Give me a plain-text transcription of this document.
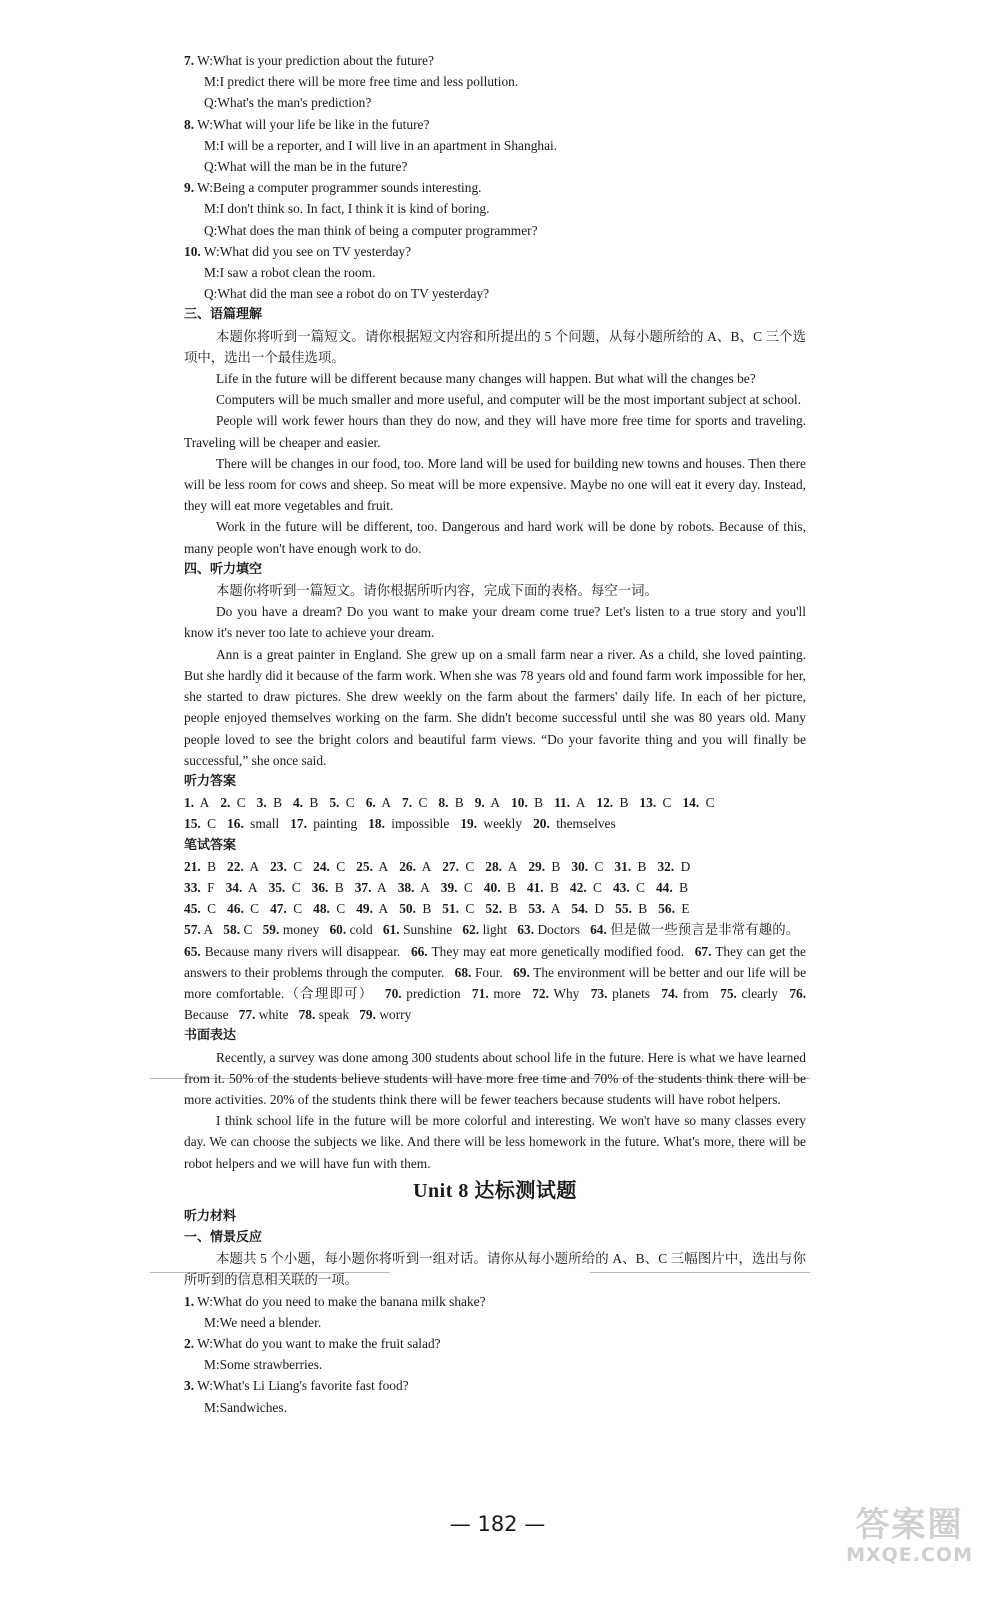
7. W:What is your prediction about the future?
M:I predict there will be more free time and less pollution.
Q:What's the man's prediction?
8. W:What will your life be like in the future?
M:I will be a reporter, and I will live in an apartment in Shanghai.
Q:What will the man be in the future?
9. W:Being a computer programmer sounds interesting.
M:I don't think so. In fact, I think it is kind of boring.
Q:What does the man think of being a computer programmer?
10. W:What did you see on TV yesterday?
M:I saw a robot clean the room.
Q:What did the man see a robot do on TV yesterday?
三、语篇理解
本题你将听到一篇短文。请你根据短文内容和所提出的 5 个问题，从每小题所给的 A、B、C 三个选项中，选出一个最佳选项。
Life in the future will be different because many changes will happen. But what will the changes be?
Computers will be much smaller and more useful, and computer will be the most important subject at school.
People will work fewer hours than they do now, and they will have more free time for sports and traveling. Traveling will be cheaper and easier.
There will be changes in our food, too. More land will be used for building new towns and houses. Then there will be less room for cows and sheep. So meat will be more expensive. Maybe no one will eat it every day. Instead, they will eat more vegetables and fruit.
Work in the future will be different, too. Dangerous and hard work will be done by robots. Because of this, many people won't have enough work to do.
四、听力填空
本题你将听到一篇短文。请你根据所听内容，完成下面的表格。每空一词。
Do you have a dream? Do you want to make your dream come true? Let's listen to a true story and you'll know it's never too late to achieve your dream.
Ann is a great painter in England. She grew up on a small farm near a river. As a child, she loved painting. But she hardly did it because of the farm work. When she was 78 years old and found farm work impossible for her, she started to draw pictures. She drew weekly on the farm about the farmers' daily life. In each of her picture, people enjoyed themselves working on the farm. She didn't become successful until she was 80 years old. Many people loved to see the bright colors and beautiful farm views. “Do your favorite thing and you will finally be successful,” she once said.
听力答案
1. A 2. C 3. B 4. B 5. C 6. A 7. C 8. B 9. A 10. B 11. A 12. B 13. C 14. C
15. C 16. small 17. painting 18. impossible 19. weekly 20. themselves
笔试答案
21. B 22. A 23. C 24. C 25. A 26. A 27. C 28. A 29. B 30. C 31. B 32. D
33. F 34. A 35. C 36. B 37. A 38. A 39. C 40. B 41. B 42. C 43. C 44. B
45. C 46. C 47. C 48. C 49. A 50. B 51. C 52. B 53. A 54. D 55. B 56. E
57. A  58. C  59. money  60. cold  61. Sunshine  62. light  63. Doctors  64. 但是做一些预言是非常有趣的。  65. Because many rivers will disappear.  66. They may eat more genetically modified food.  67. They can get the answers to their problems through the computer.  68. Four.  69. The environment will be better and our life will be more comfortable.（合理即可）  70. prediction  71. more  72. Why  73. planets  74. from  75. clearly  76. Because  77. white  78. speak  79. worry 
书面表达
Recently, a survey was done among 300 students about school life in the future. Here is what we have learned from it. 50% of the students believe students will have more free time and 70% of the students think there will be more activities. 20% of the students think there will be fewer teachers because students will have robot helpers.
I think school life in the future will be more colorful and interesting. We won't have so many classes every day. We can choose the subjects we like. And there will be less homework in the future. What's more, there will be robot helpers and we will have fun with them.
Unit 8 达标测试题
听力材料
一、情景反应
本题共 5 个小题，每小题你将听到一组对话。请你从每小题所给的 A、B、C 三幅图片中，选出与你所听到的信息相关联的一项。
1. W:What do you need to make the banana milk shake?
M:We need a blender.
2. W:What do you want to make the fruit salad?
M:Some strawberries.
3. W:What's Li Liang's favorite fast food?
M:Sandwiches.
— 182 —	答案圈
MXQE.COM
